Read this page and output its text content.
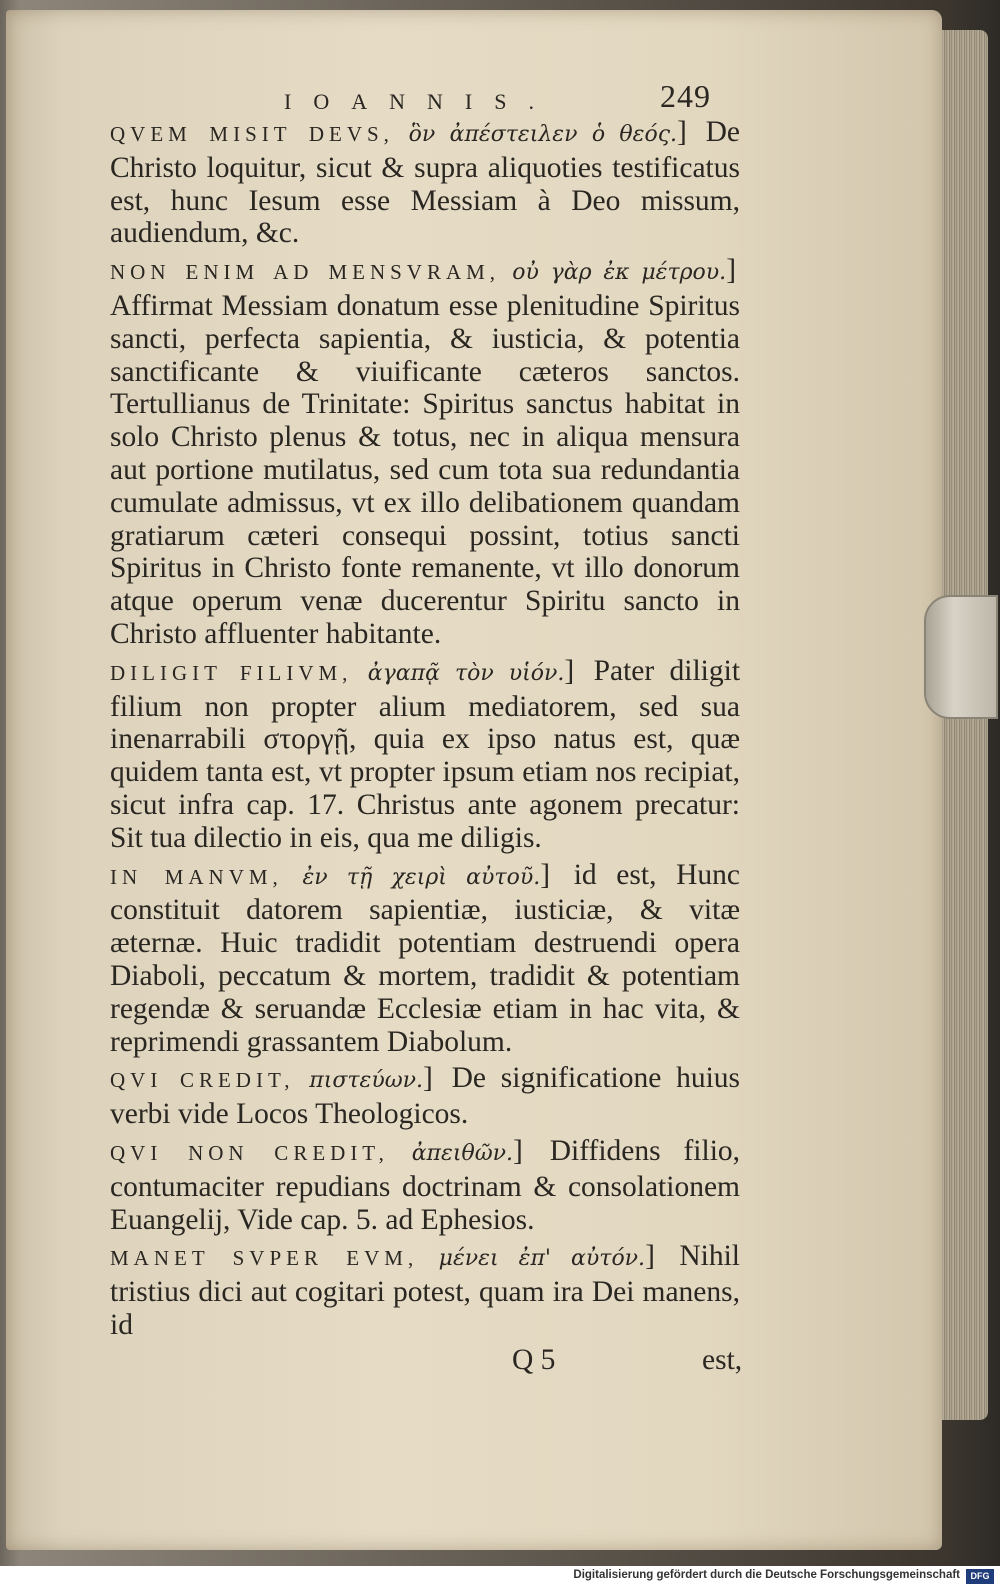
IOANNIS.	249

QVEM MISIT DEVS, ὃν ἀπέστειλεν ὁ θεός.] De Christo loquitur, sicut & supra aliquoties testificatus est, hunc Iesum esse Messiam à Deo missum, audiendum, &c.

NON ENIM AD MENSVRAM, οὐ γὰρ ἐκ μέτρου.] Affirmat Messiam donatum esse plenitudine Spiritus sancti, perfecta sapientia, & iusticia, & potentia sanctificante & viuificante cæteros sanctos. Tertullianus de Trinitate: Spiritus sanctus habitat in solo Christo plenus & totus, nec in aliqua mensura aut portione mutilatus, sed cum tota sua redundantia cumulate admissus, vt ex illo delibationem quandam gratiarum cæteri consequi possint, totius sancti Spiritus in Christo fonte remanente, vt illo donorum atque operum venæ ducerentur Spiritu sancto in Christo affluenter habitante.

DILIGIT FILIVM, ἀγαπᾷ τὸν υἱόν.] Pater diligit filium non propter alium mediatorem, sed sua inenarrabili στοργῇ, quia ex ipso natus est, quæ quidem tanta est, vt propter ipsum etiam nos recipiat, sicut infra cap. 17. Christus ante agonem precatur: Sit tua dilectio in eis, qua me diligis.

IN MANVM, ἐν τῇ χειρὶ αὐτοῦ.] id est, Hunc constituit datorem sapientiæ, iusticiæ, & vitæ æternæ. Huic tradidit potentiam destruendi opera Diaboli, peccatum & mortem, tradidit & potentiam regendæ & seruandæ Ecclesiæ etiam in hac vita, & reprimendi grassantem Diabolum.

QVI CREDIT, πιστεύων.] De significatione huius verbi vide Locos Theologicos.

QVI NON CREDIT, ἀπειθῶν.] Diffidens filio, contumaciter repudians doctrinam & consolationem Euangelij, Vide cap. 5. ad Ephesios.

MANET SVPER EVM, μένει ἐπ' αὐτόν.] Nihil tristius dici aut cogitari potest, quam ira Dei manens, id

Q 5	est,
Digitalisierung gefördert durch die Deutsche Forschungsgemeinschaft	DFG
